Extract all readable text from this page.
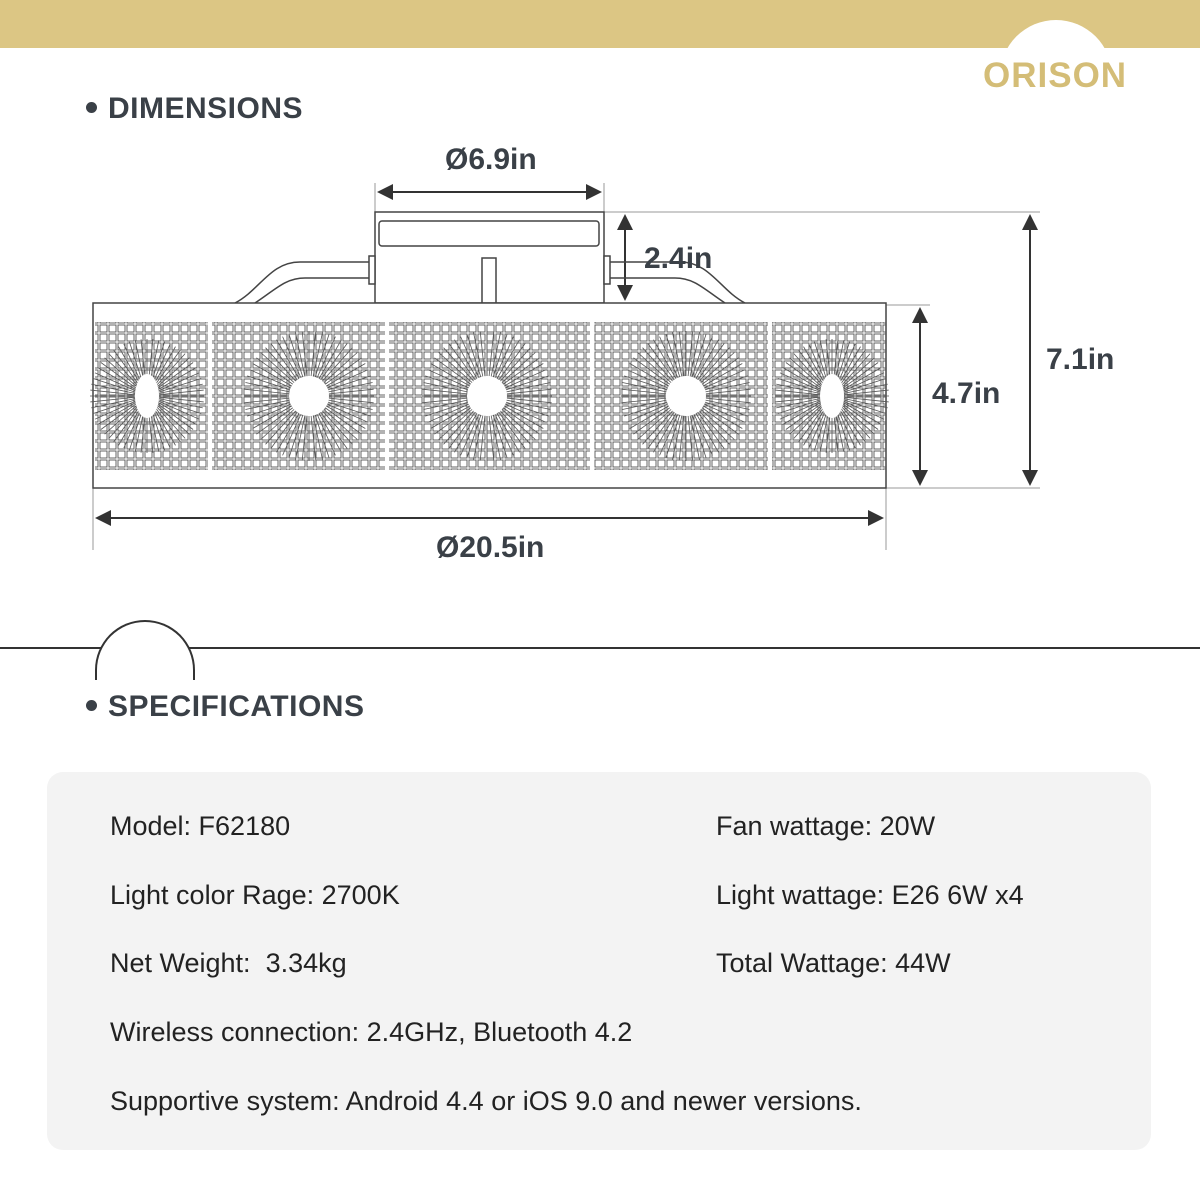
ORISON
DIMENSIONS
Ø6.9in
2.4in
4.7in
7.1in
Ø20.5in
SPECIFICATIONS
Model: F62180
Light color Rage: 2700K
Net Weight:  3.34kg
Fan wattage: 20W
Light wattage: E26 6W x4
Total Wattage: 44W
Wireless connection: 2.4GHz, Bluetooth 4.2
Supportive system: Android 4.4 or iOS 9.0 and newer versions.
